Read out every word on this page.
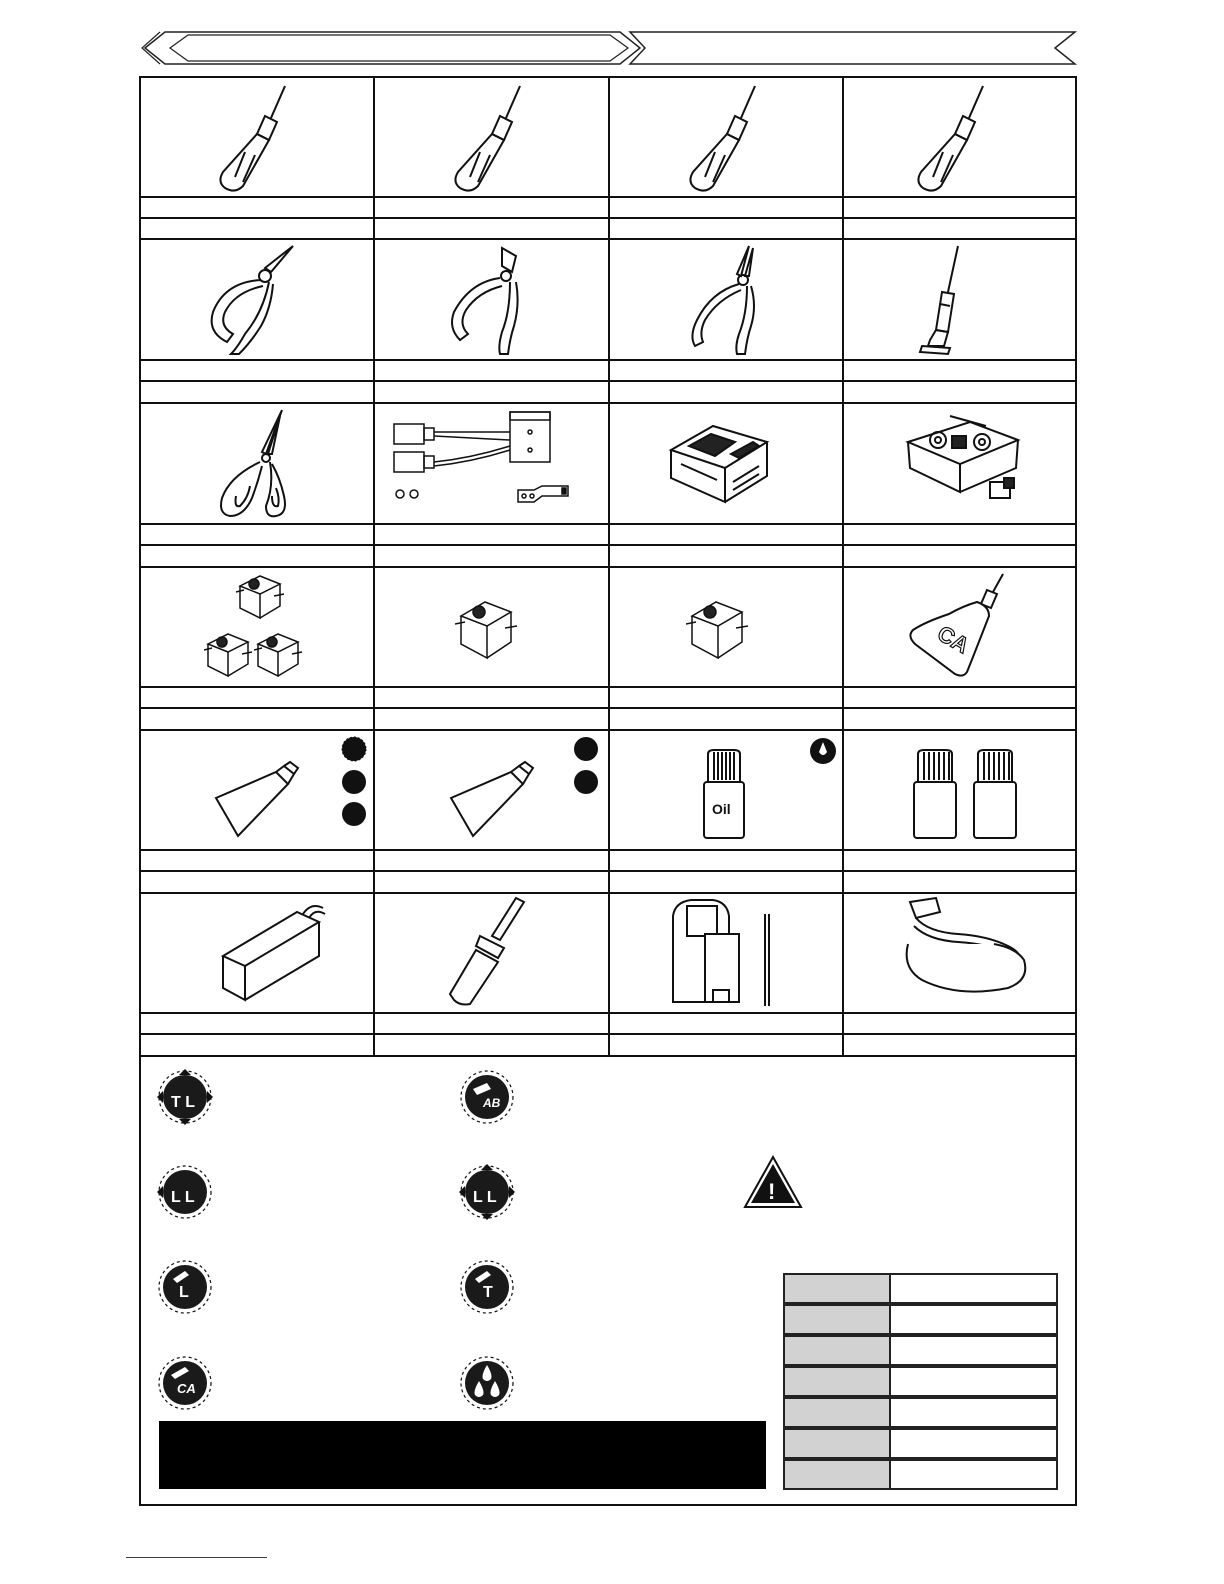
CA
Oil
T L	AB
L L	L L
L	T
CA
!
